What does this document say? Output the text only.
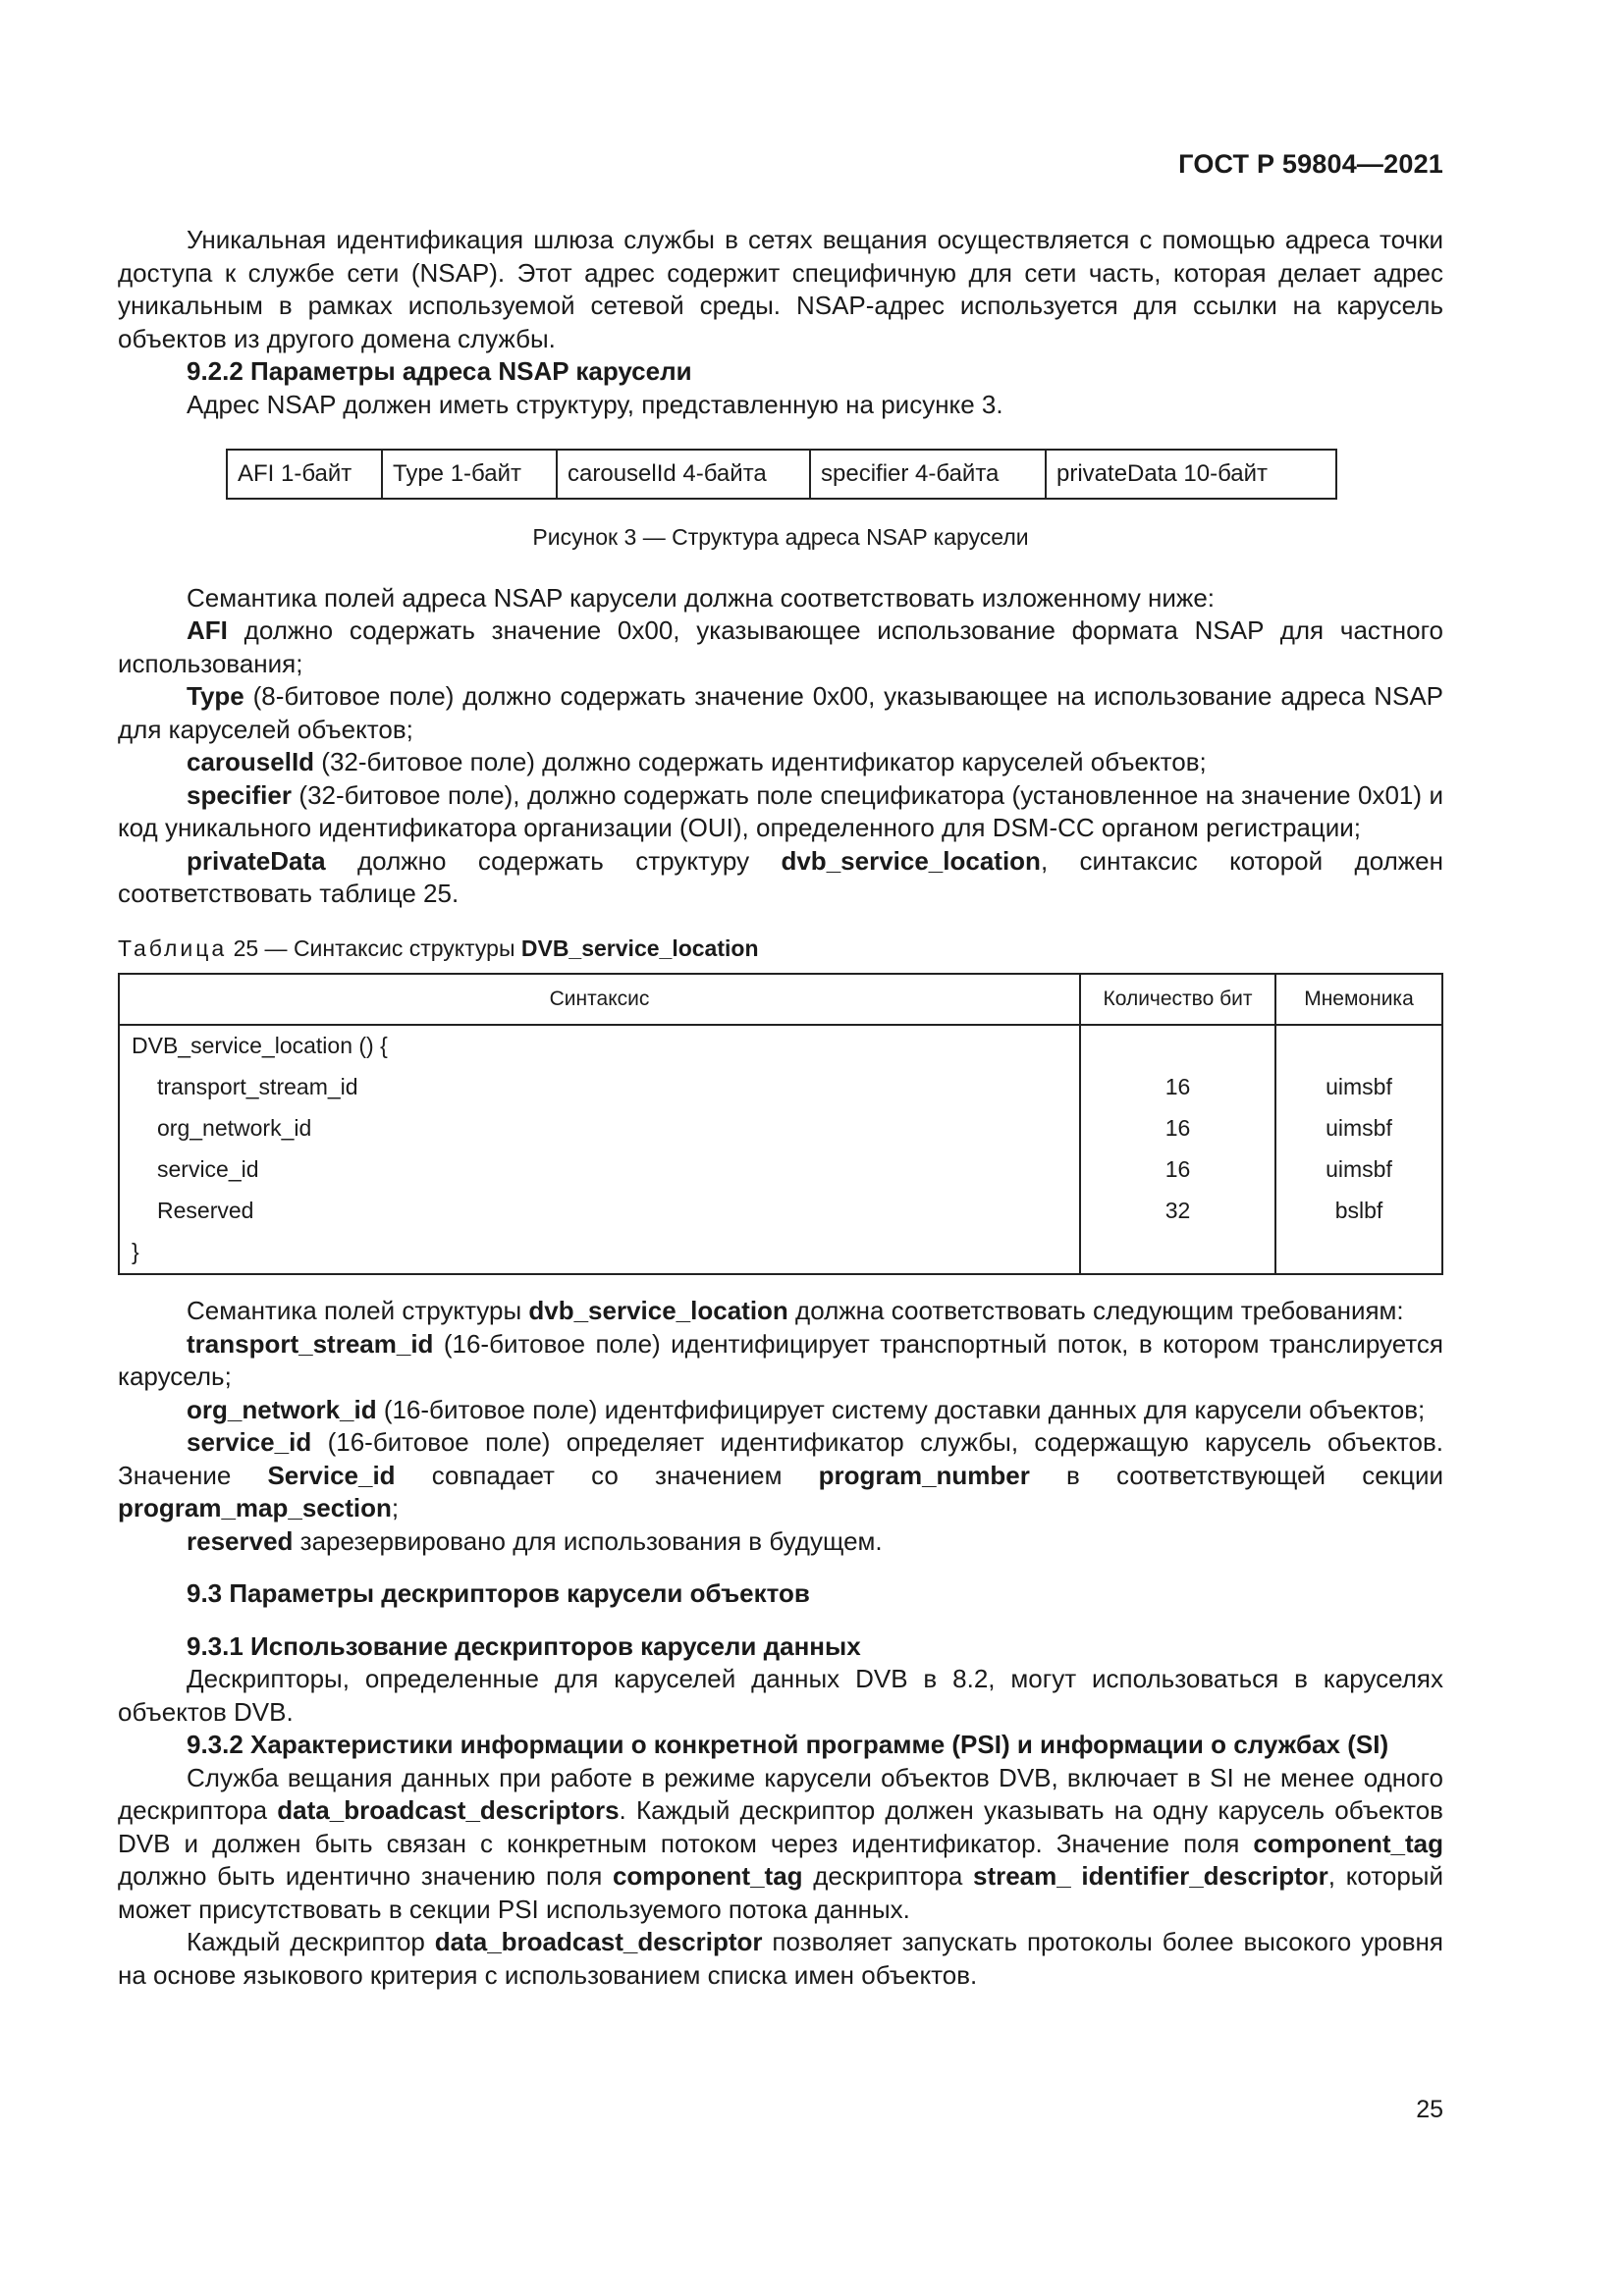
ГОСТ Р 59804—2021

Уникальная идентификация шлюза службы в сетях вещания осуществляется с помощью адреса точки доступа к службе сети (NSAP). Этот адрес содержит специфичную для сети часть, которая делает адрес уникальным в рамках используемой сетевой среды. NSAP-адрес используется для ссылки на карусель объектов из другого домена службы.

9.2.2 Параметры адреса NSAP карусели

Адрес NSAP должен иметь структуру, представленную на рисунке 3.

AFI 1-байт	Type 1-байт	carouselId 4-байта	specifier 4-байта	privateData 10-байт
Рисунок 3 — Структура адреса NSAP карусели

Семантика полей адреса NSAP карусели должна соответствовать изложенному ниже:

AFI должно содержать значение 0x00, указывающее использование формата NSAP для частного использования;

Type (8-битовое поле) должно содержать значение 0x00, указывающее на использование адреса NSAP для каруселей объектов;

carouselId (32-битовое поле) должно содержать идентификатор каруселей объектов;

specifier (32-битовое поле), должно содержать поле спецификатора (установленное на значение 0x01) и код уникального идентификатора организации (OUI), определенного для DSM-CC органом регистрации;

privateData должно содержать структуру dvb_service_location, синтаксис которой должен соответствовать таблице 25.

Таблица 25 — Синтаксис структуры DVB_service_location
Синтаксис	Количество бит	Мнемоника
DVB_service_location () {		
transport_stream_id	16	uimsbf
org_network_id	16	uimsbf
service_id	16	uimsbf
Reserved	32	bslbf
}		

Семантика полей структуры dvb_service_location должна соответствовать следующим требованиям:

transport_stream_id (16-битовое поле) идентифицирует транспортный поток, в котором транслируется карусель;

org_network_id (16-битовое поле) идентфифицирует систему доставки данных для карусели объектов;

service_id (16-битовое поле) определяет идентификатор службы, содержащую карусель объектов. Значение Service_id совпадает со значением program_number в соответствующей секции program_map_section;

reserved зарезервировано для использования в будущем.

9.3 Параметры дескрипторов карусели объектов

9.3.1 Использование дескрипторов карусели данных

Дескрипторы, определенные для каруселей данных DVB в 8.2, могут использоваться в каруселях объектов DVB.

9.3.2 Характеристики информации о конкретной программе (PSI) и информации о службах (SI)

Служба вещания данных при работе в режиме карусели объектов DVB, включает в SI не менее одного дескриптора data_broadcast_descriptors. Каждый дескриптор должен указывать на одну карусель объектов DVB и должен быть связан с конкретным потоком через идентификатор. Значение поля component_tag должно быть идентично значению поля component_tag дескриптора stream_ identifier_descriptor, который может присутствовать в секции PSI используемого потока данных.

Каждый дескриптор data_broadcast_descriptor позволяет запускать протоколы более высокого уровня на основе языкового критерия с использованием списка имен объектов.

25
